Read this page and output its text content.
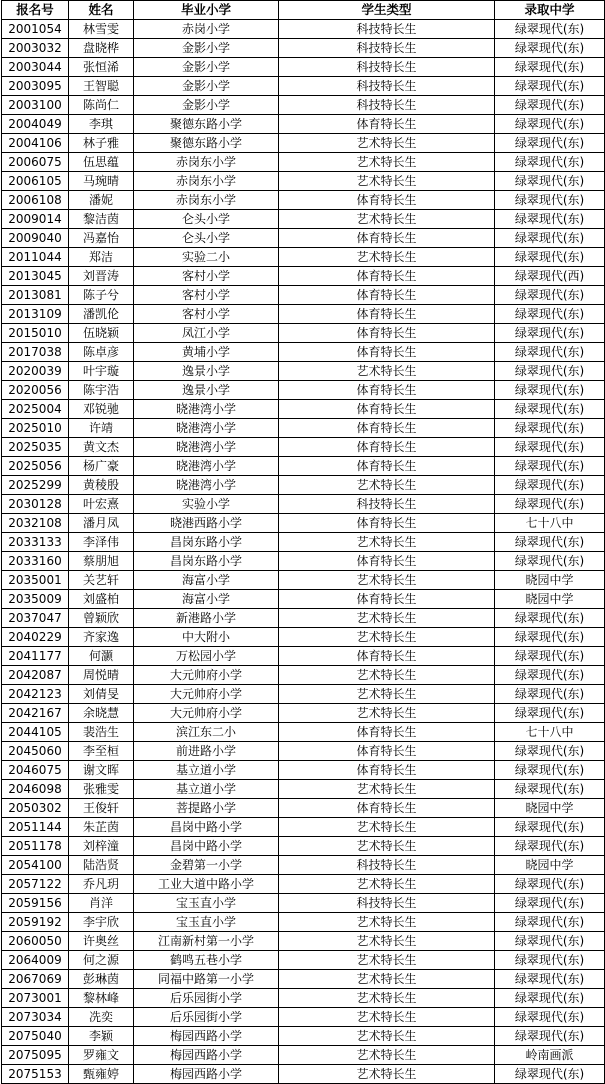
报名号	姓名	毕业小学	学生类型	录取中学
2001054	林雪雯	赤岗小学	科技特长生	绿翠现代(东)
2003032	盘晓桦	金影小学	科技特长生	绿翠现代(东)
2003044	张恒浠	金影小学	科技特长生	绿翠现代(东)
2003095	王智聪	金影小学	科技特长生	绿翠现代(东)
2003100	陈尚仁	金影小学	科技特长生	绿翠现代(东)
2004049	李琪	聚德东路小学	体育特长生	绿翠现代(东)
2004106	林子雅	聚德东路小学	艺术特长生	绿翠现代(东)
2006075	伍思蕴	赤岗东小学	艺术特长生	绿翠现代(东)
2006105	马琬晴	赤岗东小学	艺术特长生	绿翠现代(东)
2006108	潘妮	赤岗东小学	体育特长生	绿翠现代(东)
2009014	黎洁茵	仑头小学	艺术特长生	绿翠现代(东)
2009040	冯嘉怡	仑头小学	体育特长生	绿翠现代(东)
2011044	郑洁	实验二小	艺术特长生	绿翠现代(东)
2013045	刘晋涛	客村小学	体育特长生	绿翠现代(西)
2013081	陈子兮	客村小学	体育特长生	绿翠现代(东)
2013109	潘凯伦	客村小学	体育特长生	绿翠现代(东)
2015010	伍晓颖	凤江小学	体育特长生	绿翠现代(东)
2017038	陈卓彦	黄埔小学	体育特长生	绿翠现代(东)
2020039	叶宇璇	逸景小学	艺术特长生	绿翠现代(东)
2020056	陈宇浩	逸景小学	体育特长生	绿翠现代(东)
2025004	邓锐驰	晓港湾小学	体育特长生	绿翠现代(东)
2025010	许靖	晓港湾小学	体育特长生	绿翠现代(东)
2025035	黄文杰	晓港湾小学	体育特长生	绿翠现代(东)
2025056	杨广豪	晓港湾小学	体育特长生	绿翠现代(东)
2025299	黄稜殷	晓港湾小学	艺术特长生	绿翠现代(东)
2030128	叶宏熹	实验小学	科技特长生	绿翠现代(东)
2032108	潘月凤	晓港西路小学	体育特长生	七十八中
2033133	李泽伟	昌岗东路小学	艺术特长生	绿翠现代(东)
2033160	蔡朋旭	昌岗东路小学	体育特长生	绿翠现代(东)
2035001	关艺轩	海富小学	艺术特长生	晓园中学
2035009	刘盛柏	海富小学	体育特长生	晓园中学
2037047	曾颖欣	新港路小学	艺术特长生	绿翠现代(东)
2040229	齐家逸	中大附小	艺术特长生	绿翠现代(东)
2041177	何灏	万松园小学	体育特长生	绿翠现代(东)
2042087	周悦晴	大元帅府小学	艺术特长生	绿翠现代(东)
2042123	刘倩旻	大元帅府小学	艺术特长生	绿翠现代(东)
2042167	余晓慧	大元帅府小学	艺术特长生	绿翠现代(东)
2044105	裴浩生	滨江东二小	体育特长生	七十八中
2045060	李至桓	前进路小学	体育特长生	绿翠现代(东)
2046075	谢文晖	基立道小学	体育特长生	绿翠现代(东)
2046098	张雅雯	基立道小学	艺术特长生	绿翠现代(东)
2050302	王俊轩	菩提路小学	体育特长生	晓园中学
2051144	朱芷茵	昌岗中路小学	艺术特长生	绿翠现代(东)
2051178	刘梓潼	昌岗中路小学	艺术特长生	绿翠现代(东)
2054100	陆浩贤	金碧第一小学	科技特长生	晓园中学
2057122	乔凡玥	工业大道中路小学	艺术特长生	绿翠现代(东)
2059156	肖洋	宝玉直小学	科技特长生	绿翠现代(东)
2059192	李宇欣	宝玉直小学	艺术特长生	绿翠现代(东)
2060050	许奥丝	江南新村第一小学	艺术特长生	绿翠现代(东)
2064009	何之源	鹤鸣五巷小学	艺术特长生	绿翠现代(东)
2067069	彭琳茵	同福中路第一小学	艺术特长生	绿翠现代(东)
2073001	黎林峰	后乐园街小学	艺术特长生	绿翠现代(东)
2073034	冼奕	后乐园街小学	艺术特长生	绿翠现代(东)
2075040	李颖	梅园西路小学	艺术特长生	绿翠现代(东)
2075095	罗雍文	梅园西路小学	艺术特长生	岭南画派
2075153	甄雍婷	梅园西路小学	艺术特长生	绿翠现代(东)
